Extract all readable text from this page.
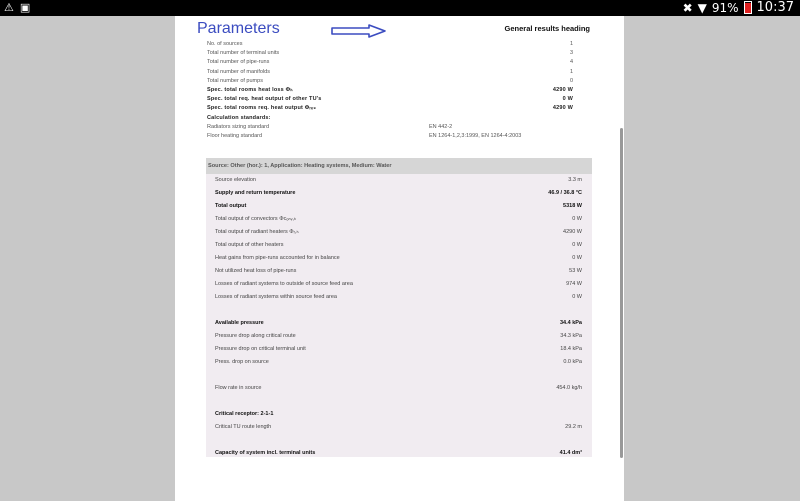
⚠ ▣	✖ ▼ 91% 10:37
Parameters	General results heading
No. of sources	1
Total number of terminal units	3
Total number of pipe-runs	4
Total number of manifolds	1
Total number of pumps	0
Spec. total rooms heat loss Φₕ	4290 W
Spec. total req. heat output of other TU's	0 W
Spec. total rooms req. heat output Φᵣₑ₉	4290 W
Calculation standards:
Radiators sizing standard	EN 442-2
Floor heating standard	EN 1264-1,2,3:1999, EN 1264-4:2003
Source: Other (hor.): 1, Application: Heating systems, Medium: Water
Source elevation	3.3 m
Supply and return temperature	46.9 / 36.8 °C
Total output	5318 W
Total output of convectors Φᴄₒₙᵥ,ₕ	0 W
Total output of radiant heaters Φᵣ,ₕ	4290 W
Total output of other heaters	0 W
Heat gains from pipe-runs accounted for in balance	0 W
Not utilized heat loss of pipe-runs	53 W
Losses of radiant systems to outside of source feed area	974 W
Losses of radiant systems within source feed area	0 W
Available pressure	34.4 kPa
Pressure drop along critical route	34.3 kPa
Pressure drop on critical terminal unit	18.4 kPa
Press. drop on source	0.0 kPa
Flow rate in source	454.0 kg/h
Critical receptor: 2-1-1
Critical TU route length	29.2 m
Capacity of system incl. terminal units	41.4 dm³
